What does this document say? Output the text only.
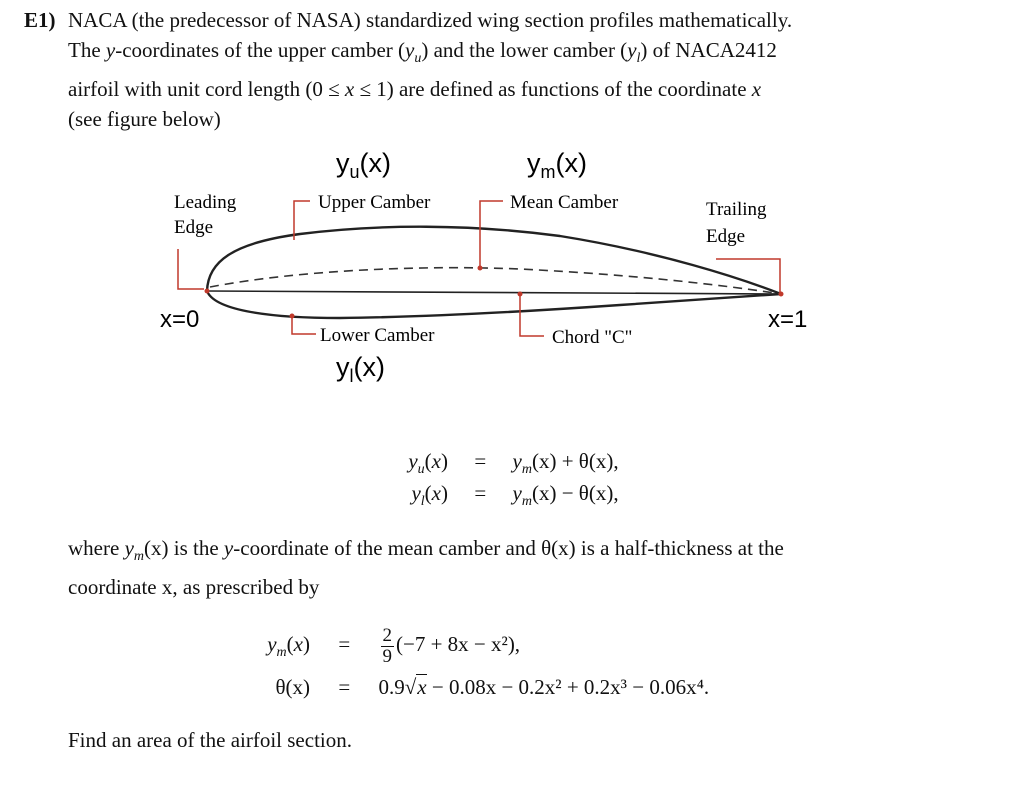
E1) NACA (the predecessor of NASA) standardized wing section profiles mathematically.
The y-coordinates of the upper camber $(y_u)$ and the lower camber $(y_l)$ of NACA2412
airfoil with unit cord length (0 ≤ x ≤ 1) are defined as functions of the coordinate x
(see figure below)
$y_u(x)$	$y_m(x)$
$y_l(x)$
x=0	x=1
Leading
Edge
Upper Camber	Mean Camber	Trailing
Edge
Lower Camber	Chord "C"
$y_u(x) = y_m(x) + \theta(x)$,
$y_l(x) = y_m(x) - \theta(x)$,
where $y_m(x)$ is the y-coordinate of the mean camber and θ(x) is a half-thickness at the
coordinate x, as prescribed by
$y_m(x) = \frac{2}{9} (-7 + 8x - x^2)$,
θ(x) = 0.9√x − 0.08x − 0.2x² + 0.2x³ − 0.06x⁴.
Find an area of the airfoil section.
